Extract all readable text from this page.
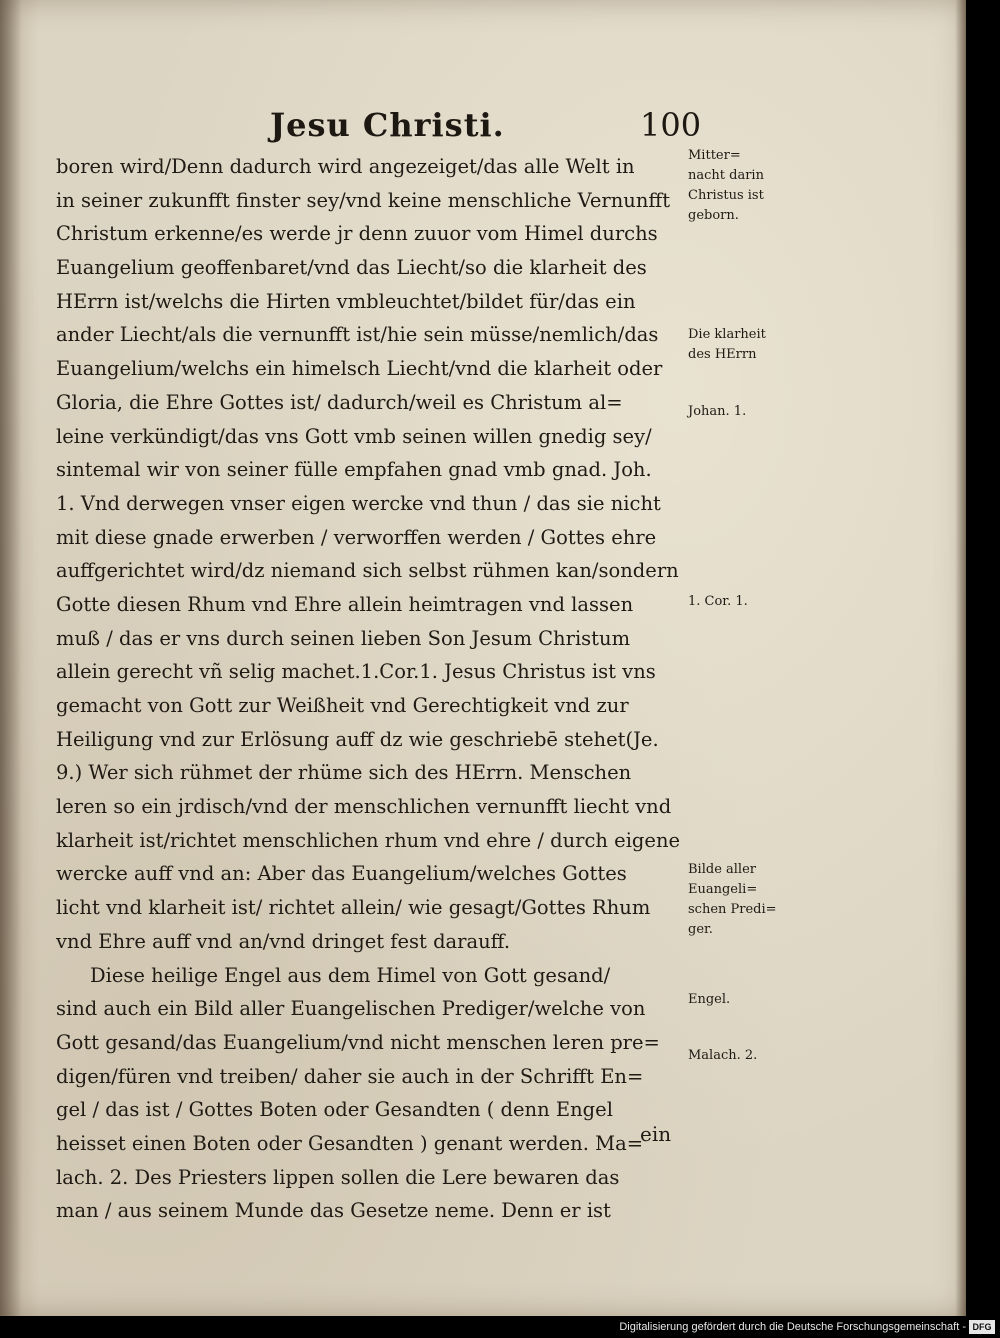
Jesu Christi.	100
boren wird/Denn dadurch wird angezeiget/das alle Welt in
in seiner zukunfft finster sey/vnd keine menschliche Vernunfft
Christum erkenne/es werde jr denn zuuor vom Himel durchs
Euangelium geoffenbaret/vnd das Liecht/so die klarheit des
HErrn ist/welchs die Hirten vmbleuchtet/bildet für/das ein
ander Liecht/als die vernunfft ist/hie sein müsse/nemlich/das
Euangelium/welchs ein himelsch Liecht/vnd die klarheit oder
Gloria, die Ehre Gottes ist/ dadurch/weil es Christum al=
leine verkündigt/das vns Gott vmb seinen willen gnedig sey/
sintemal wir von seiner fülle empfahen gnad vmb gnad. Joh.
1. Vnd derwegen vnser eigen wercke vnd thun / das sie nicht
mit diese gnade erwerben / verworffen werden / Gottes ehre
auffgerichtet wird/dz niemand sich selbst rühmen kan/sondern
Gotte diesen Rhum vnd Ehre allein heimtragen vnd lassen
muß / das er vns durch seinen lieben Son Jesum Christum
allein gerecht vñ selig machet.1.Cor.1. Jesus Christus ist vns
gemacht von Gott zur Weißheit vnd Gerechtigkeit vnd zur
Heiligung vnd zur Erlösung auff dz wie geschriebē stehet(Je.
9.) Wer sich rühmet der rhüme sich des HErrn. Menschen
leren so ein jrdisch/vnd der menschlichen vernunfft liecht vnd
klarheit ist/richtet menschlichen rhum vnd ehre / durch eigene
wercke auff vnd an: Aber das Euangelium/welches Gottes
licht vnd klarheit ist/ richtet allein/ wie gesagt/Gottes Rhum
vnd Ehre auff vnd an/vnd dringet fest darauff.
Diese heilige Engel aus dem Himel von Gott gesand/
sind auch ein Bild aller Euangelischen Prediger/welche von
Gott gesand/das Euangelium/vnd nicht menschen leren pre=
digen/füren vnd treiben/ daher sie auch in der Schrifft En=
gel / das ist / Gottes Boten oder Gesandten ( denn Engel
heisset einen Boten oder Gesandten ) genant werden. Ma=
lach. 2. Des Priesters lippen sollen die Lere bewaren das
man / aus seinem Munde das Gesetze neme. Denn er ist
ein
Mitter=
nacht darin
Christus ist
geborn.
Die klarheit
des HErrn
Johan. 1.
1. Cor. 1.
Bilde aller
Euangeli=
schen Predi=
ger.
Engel.
Malach. 2.
Digitalisierung gefördert durch die Deutsche Forschungsgemeinschaft - DFG
